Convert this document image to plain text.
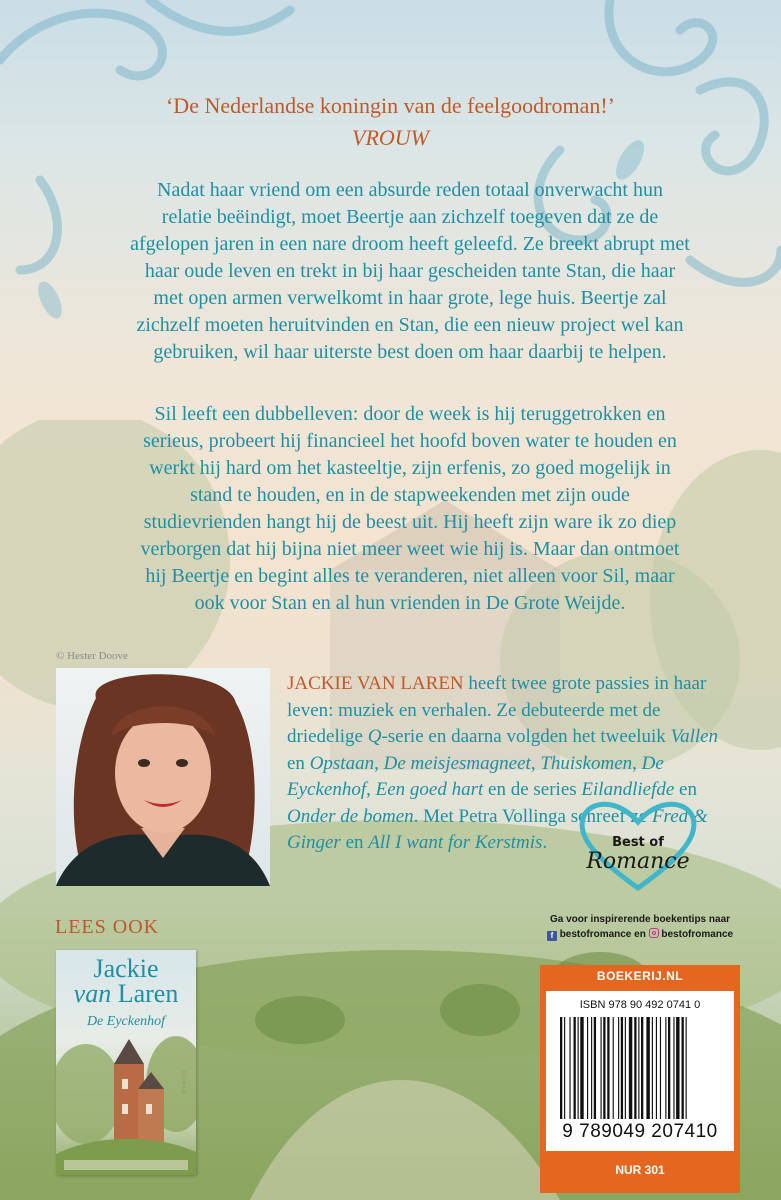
‘De Nederlandse koningin van de feelgoodroman!’
VROUW

Nadat haar vriend om een absurde reden totaal onverwacht hun relatie beëindigt, moet Beertje aan zichzelf toegeven dat ze de afgelopen jaren in een nare droom heeft geleefd. Ze breekt abrupt met haar oude leven en trekt in bij haar gescheiden tante Stan, die haar met open armen verwelkomt in haar grote, lege huis. Beertje zal zichzelf moeten heruitvinden en Stan, die een nieuw project wel kan gebruiken, wil haar uiterste best doen om haar daarbij te helpen.

Sil leeft een dubbelleven: door de week is hij teruggetrokken en serieus, probeert hij financieel het hoofd boven water te houden en werkt hij hard om het kasteeltje, zijn erfenis, zo goed mogelijk in stand te houden, en in de stapweekenden met zijn oude studievrienden hangt hij de beest uit. Hij heeft zijn ware ik zo diep verborgen dat hij bijna niet meer weet wie hij is. Maar dan ontmoet hij Beertje en begint alles te veranderen, niet alleen voor Sil, maar ook voor Stan en al hun vrienden in De Grote Weijde.

© Hester Doove

JACKIE VAN LAREN heeft twee grote passies in haar leven: muziek en verhalen. Ze debuteerde met de driedelige Q-serie en daarna volgden het tweeluik Vallen en Opstaan, De meisjesmagneet, Thuiskomen, De Eyckenhof, Een goed hart en de series Eilandliefde en Onder de bomen. Met Petra Vollinga schreef ze Fred & Ginger en All I want for Kerstmis.	Best of
Romance
Ga voor inspirerende boekentips naar
f bestofromance en  bestofromance
LEES OOK
Jackie
van Laren
De Eyckenhof
BOEKERIJ.NL
ISBN 978 90 492 0741 0
9 789049 207410
NUR 301
